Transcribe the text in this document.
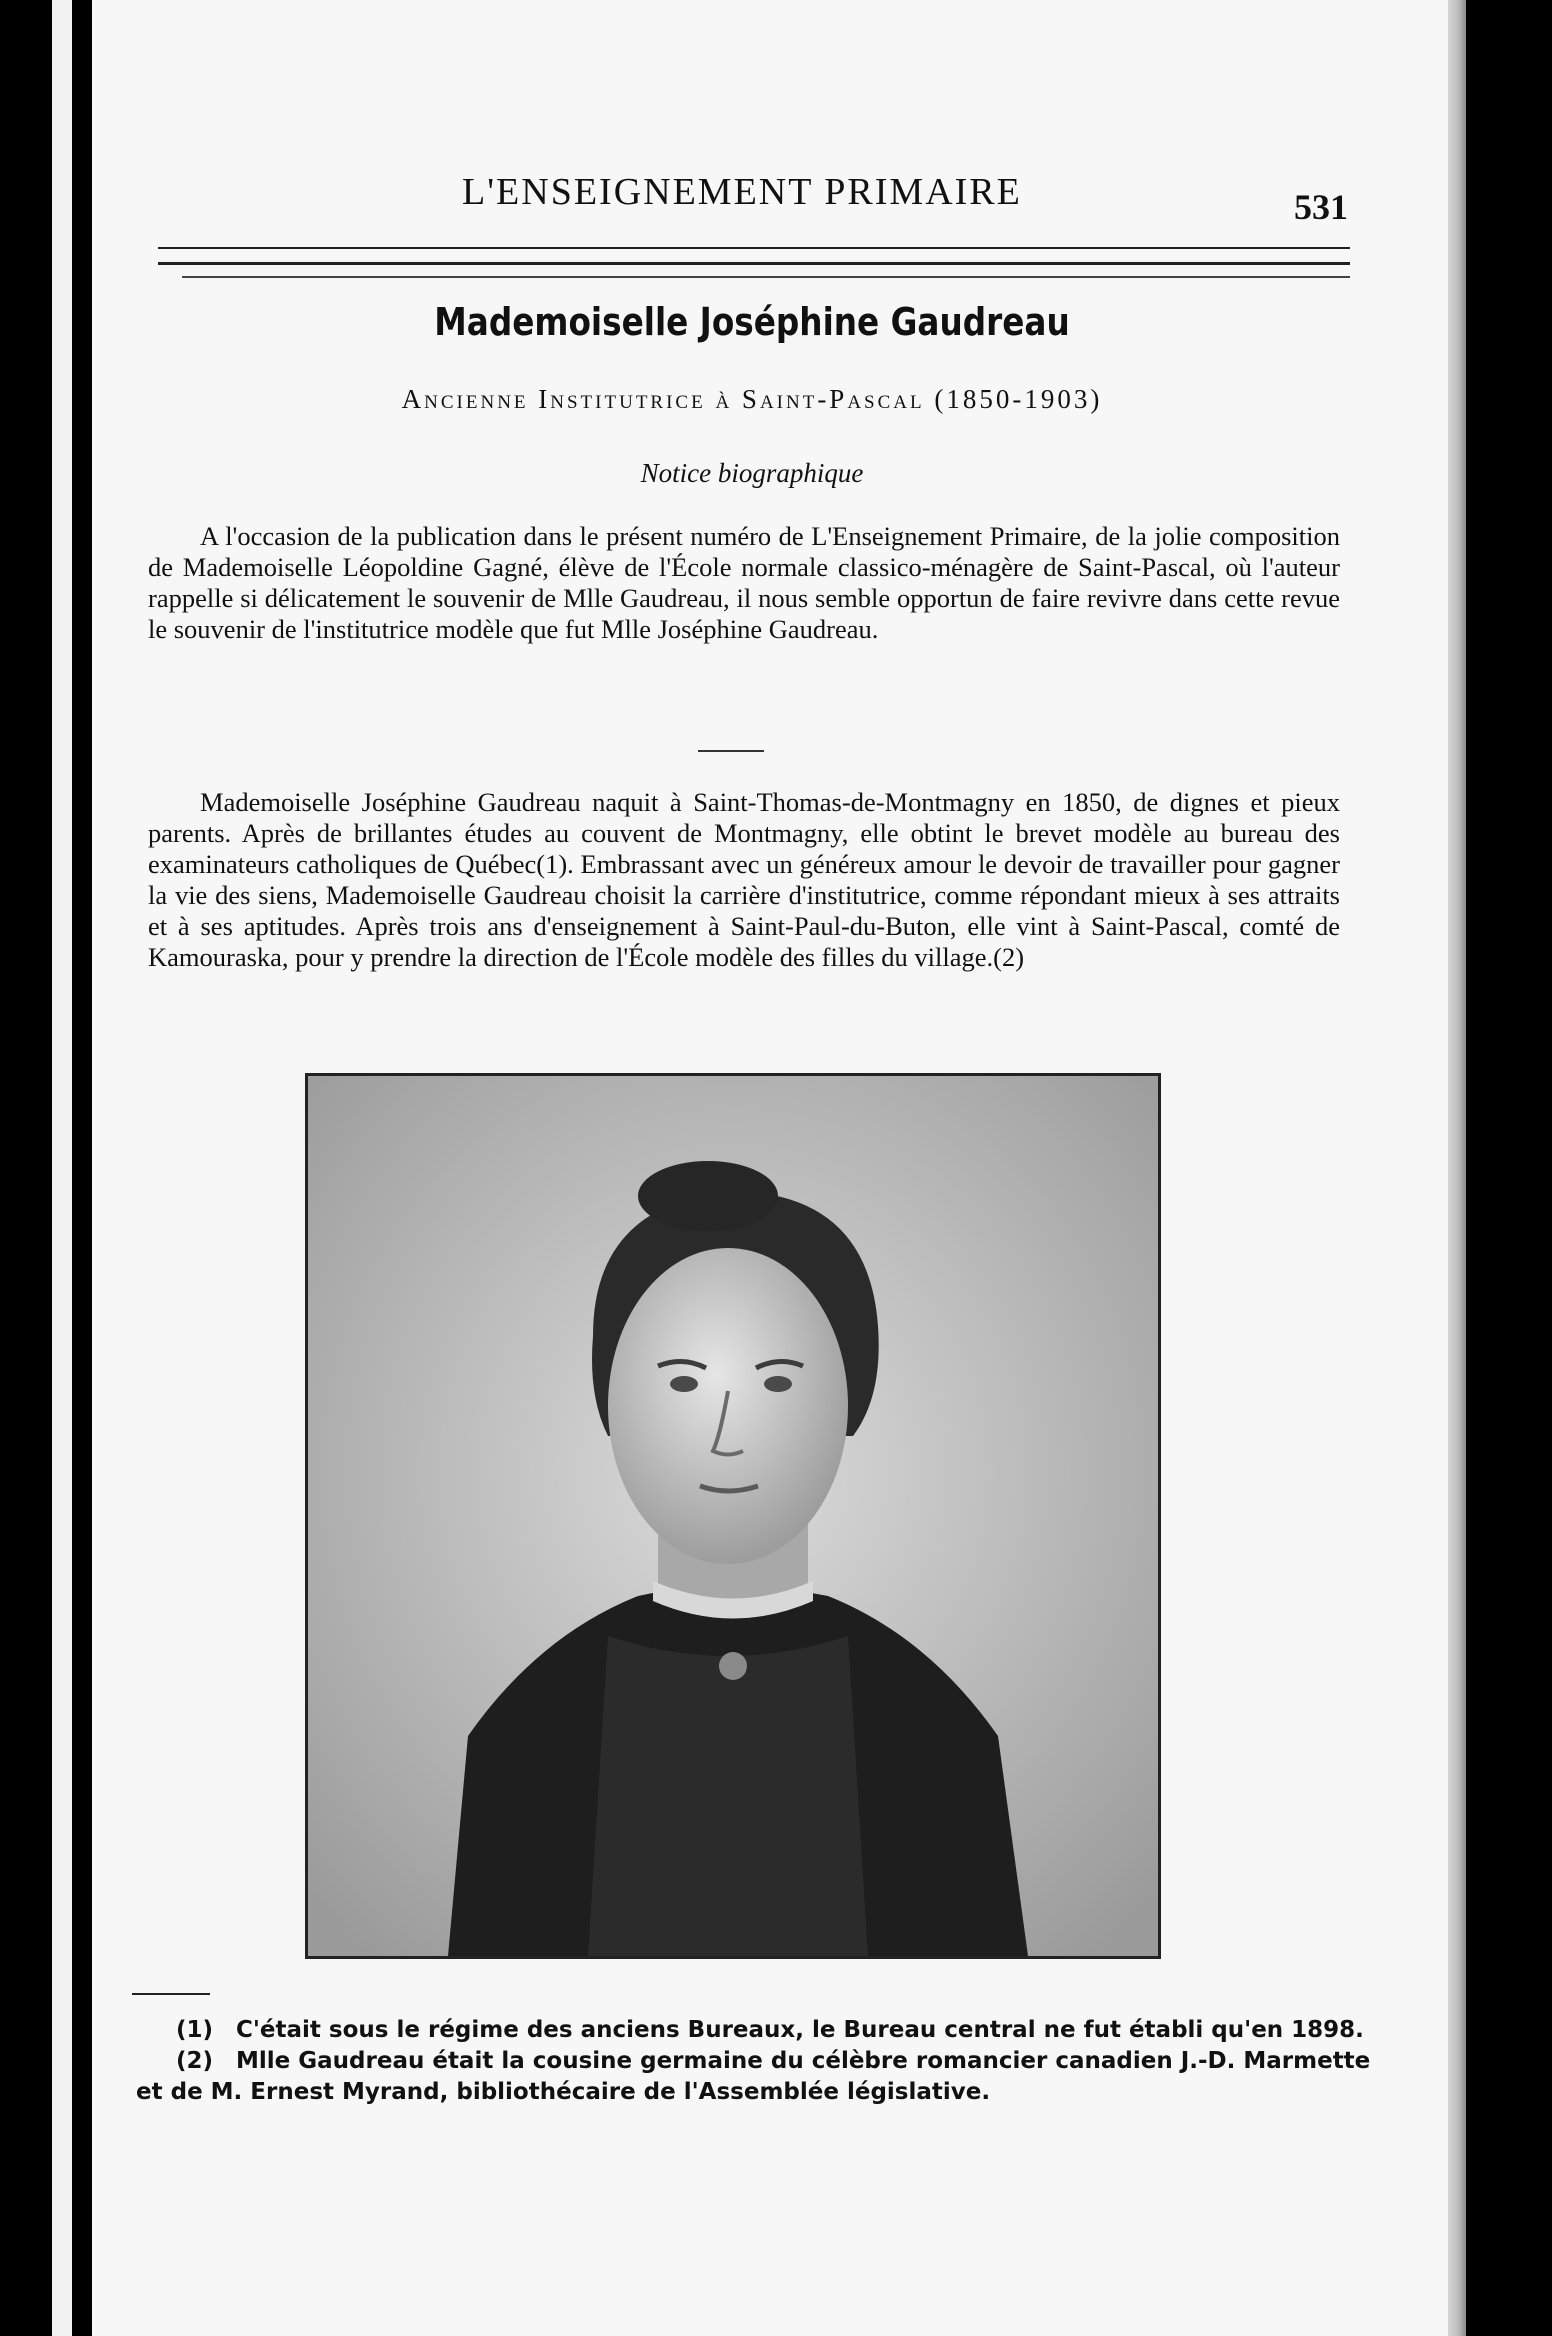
L'ENSEIGNEMENT PRIMAIRE	531
Mademoiselle Joséphine Gaudreau
Ancienne Institutrice à Saint-Pascal (1850-1903)
Notice biographique
A l'occasion de la publication dans le présent numéro de L'Enseignement Primaire, de la jolie composition de Mademoiselle Léopoldine Gagné, élève de l'École normale classico-ménagère de Saint-Pascal, où l'auteur rappelle si délicatement le souvenir de Mlle Gaudreau, il nous semble opportun de faire revivre dans cette revue le souvenir de l'institutrice modèle que fut Mlle Joséphine Gaudreau.
Mademoiselle Joséphine Gaudreau naquit à Saint-Thomas-de-Montmagny en 1850, de dignes et pieux parents. Après de brillantes études au couvent de Montmagny, elle obtint le brevet modèle au bureau des examinateurs catholiques de Québec(1). Embrassant avec un généreux amour le devoir de travailler pour gagner la vie des siens, Mademoiselle Gaudreau choisit la carrière d'institutrice, comme répondant mieux à ses attraits et à ses aptitudes. Après trois ans d'enseignement à Saint-Paul-du-Buton, elle vint à Saint-Pascal, comté de Kamouraska, pour y prendre la direction de l'École modèle des filles du village.(2)
(1) C'était sous le régime des anciens Bureaux, le Bureau central ne fut établi qu'en 1898.
(2) Mlle Gaudreau était la cousine germaine du célèbre romancier canadien J.-D. Marmette
et de M. Ernest Myrand, bibliothécaire de l'Assemblée législative.
